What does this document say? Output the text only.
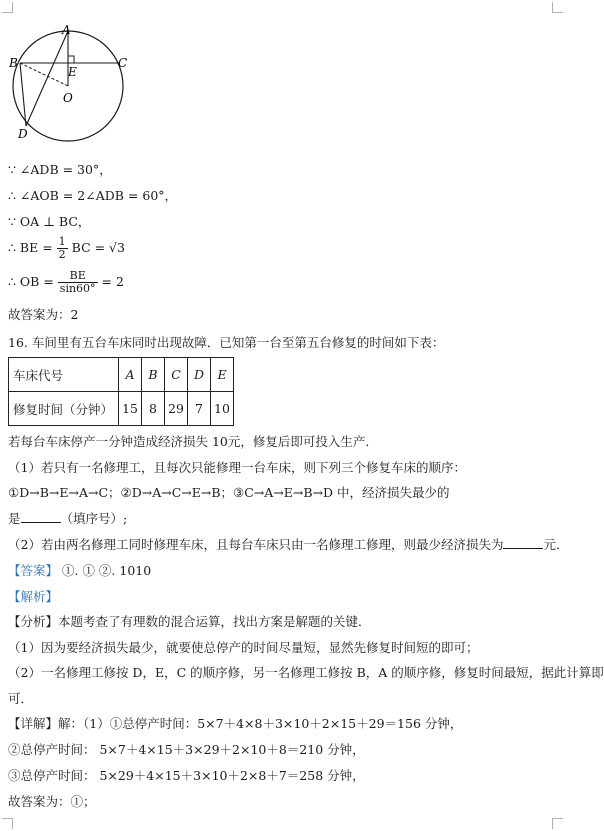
A
B	C
D
E
O
∵ ∠ADB = 30°，
∴ ∠AOB = 2∠ADB = 60°，
∵ OA ⊥ BC，
∴ BE = $\frac{1}{2}$ BC = √3
∴ OB = $\frac{BE}{\sin 60^\circ} = 2$
故答案为：2
16. 车间里有五台车床同时出现故障．已知第一台至第五台修复的时间如下表：
车床代号	A	B	C	D	E
修复时间（分钟）	15	8	29	7	10
若每台车床停产一分钟造成经济损失 10元，修复后即可投入生产．
（1）若只有一名修理工，且每次只能修理一台车床，则下列三个修复车床的顺序：
①D→B→E→A→C；②D→A→C→E→B；③C→A→E→B→D 中，经济损失最少的
是	（填序号）;
（2）若由两名修理工同时修理车床，且每台车床只由一名修理工修理，则最少经济损失为	元．
【答案】 ①. ① ②. 1010
【解析】
【分析】本题考查了有理数的混合运算，找出方案是解题的关键．
（1）因为要经济损失最少，就要使总停产的时间尽量短，显然先修复时间短的即可；
（2）一名修理工修按 D，E，C 的顺序修，另一名修理工修按 B，A 的顺序修，修复时间最短，据此计算即
可．
【详解】解：（1）①总停产时间：5×7＋4×8＋3×10＋2×15＋29＝156 分钟，
②总停产时间： 5×7＋4×15＋3×29＋2×10＋8＝210 分钟，
③总停产时间： 5×29＋4×15＋3×10＋2×8＋7＝258 分钟，
故答案为：①；
